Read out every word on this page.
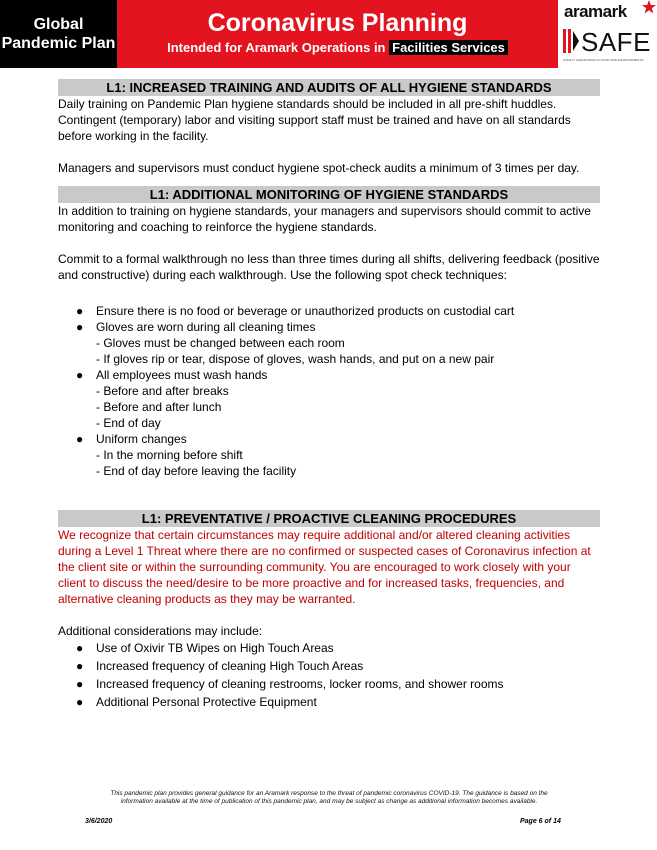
Global
Pandemic Plan
Coronavirus Planning
Intended for Aramark Operations in Facilities Services
aramark
SAFE
SAFETY ASSURANCE IN FOOD AND ENVIRONMENTS
L1: INCREASED TRAINING AND AUDITS OF ALL HYGIENE STANDARDS

Daily training on Pandemic Plan hygiene standards should be included in all pre-shift huddles.

Contingent (temporary) labor and visiting support staff must be trained and have on all standards

before working in the facility.

Managers and supervisors must conduct hygiene spot-check audits a minimum of 3 times per day.

L1: ADDITIONAL MONITORING OF HYGIENE STANDARDS

In addition to training on hygiene standards, your managers and supervisors should commit to active

monitoring and coaching to reinforce the hygiene standards.

Commit to a formal walkthrough no less than three times during all shifts, delivering feedback (positive

and constructive) during each walkthrough. Use the following spot check techniques:

● Ensure there is no food or beverage or unauthorized products on custodial cart
● Gloves are worn during all cleaning times
- Gloves must be changed between each room
- If gloves rip or tear, dispose of gloves, wash hands, and put on a new pair
● All employees must wash hands
- Before and after breaks
- Before and after lunch
- End of day
● Uniform changes
- In the morning before shift
- End of day before leaving the facility
L1: PREVENTATIVE / PROACTIVE CLEANING PROCEDURES

We recognize that certain circumstances may require additional and/or altered cleaning activities

during a Level 1 Threat where there are no confirmed or suspected cases of Coronavirus infection at

the client site or within the surrounding community. You are encouraged to work closely with your

client to discuss the need/desire to be more proactive and for increased tasks, frequencies, and

alternative cleaning products as they may be warranted.

Additional considerations may include:

● Use of Oxivir TB Wipes on High Touch Areas
● Increased frequency of cleaning High Touch Areas
● Increased frequency of cleaning restrooms, locker rooms, and shower rooms
● Additional Personal Protective Equipment
This pandemic plan provides general guidance for an Aramark response to the threat of pandemic coronavirus COVID-19. The guidance is based on the
information available at the time of publication of this pandemic plan, and may be subject as change as additional information becomes available.
3/6/2020	Page 6 of 14
